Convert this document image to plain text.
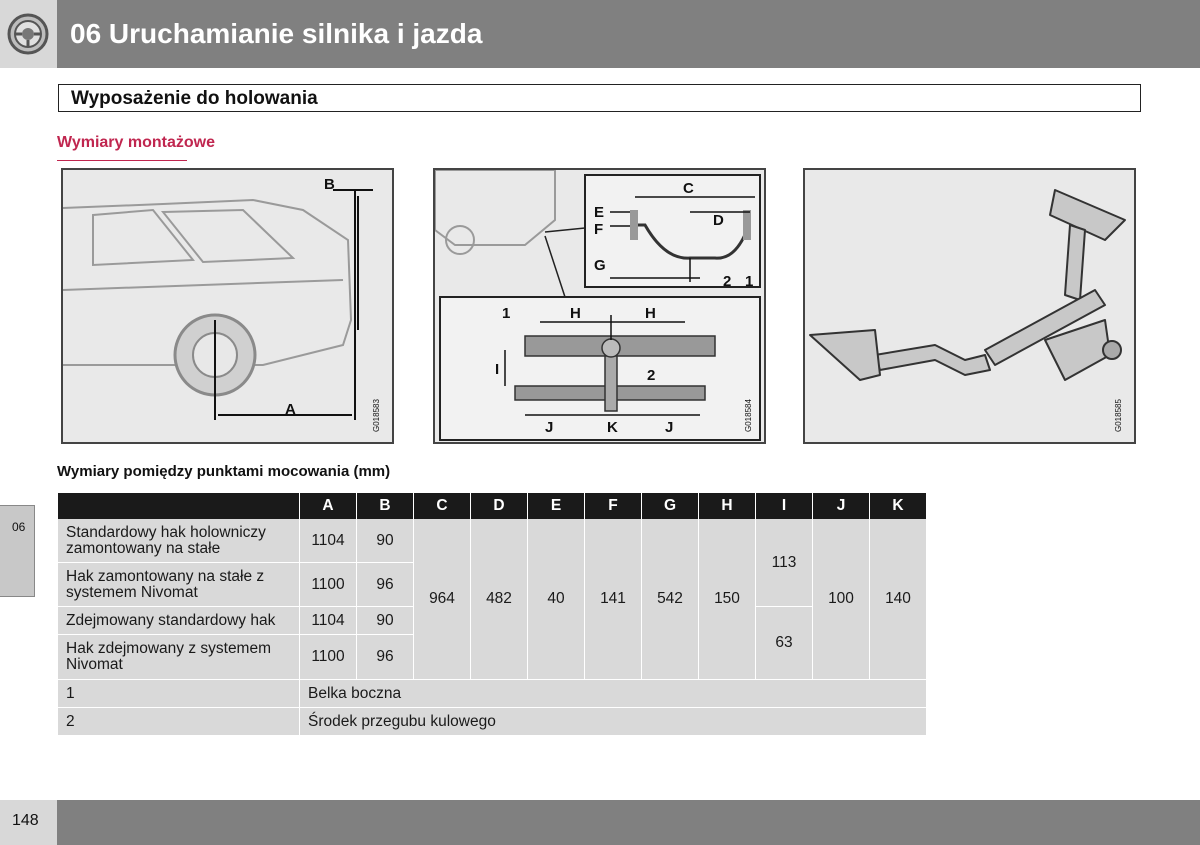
06 Uruchamianie silnika i jazda
Wyposażenie do holowania
Wymiary montażowe
A
B
G018583
C
D
E
F
G
2 1
H	H
I
J	K	J
1
2
G018584	G018585
Wymiary pomiędzy punktami mocowania (mm)
	A	B	C	D	E	F	G	H	I	J	K
Standardowy hak holowniczy zamontowany na stałe	1104	90	964	482	40	141	542	150	113	100	140
Hak zamontowany na stałe z systemem Nivomat	1100	96									
Zdejmowany standardowy hak	1104	90							63		
Hak zdejmowany z systemem Nivomat	1100	96									
1	Belka boczna										
2	Środek przegubu kulowego										
06
148
